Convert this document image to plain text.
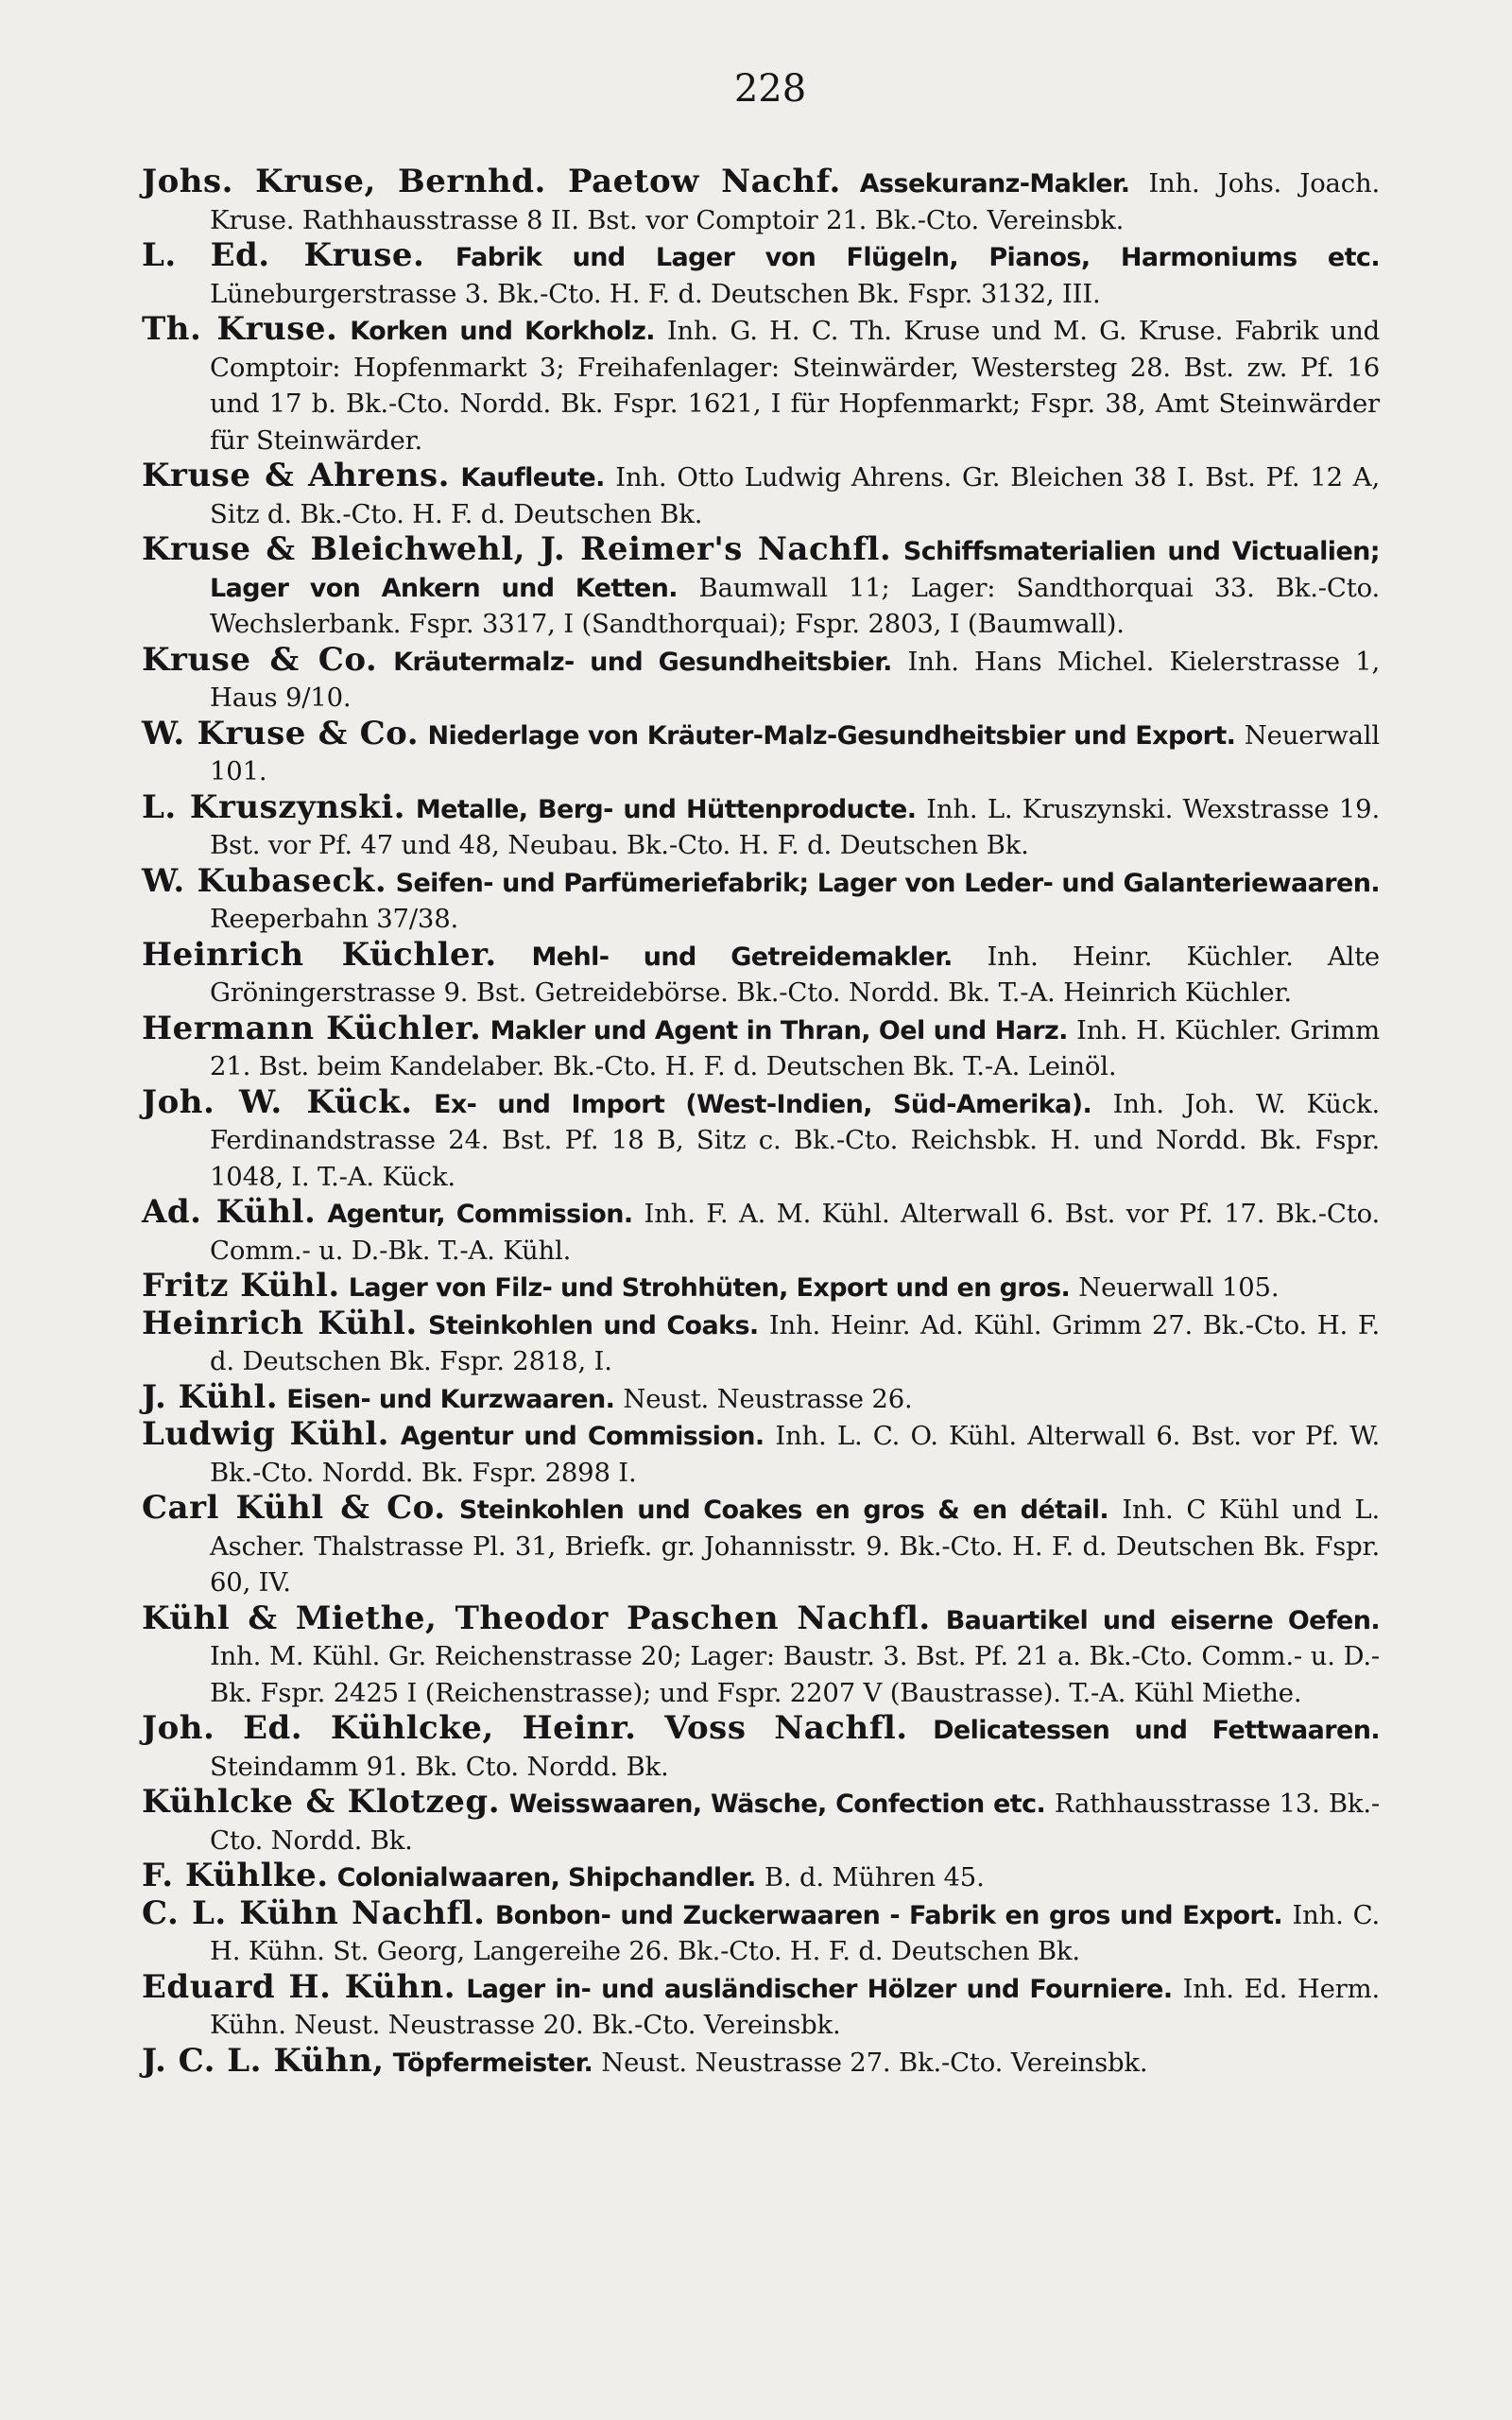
228

Johs. Kruse, Bernhd. Paetow Nachf. Assekuranz-Makler. Inh. Johs. Joach. Kruse. Rathhausstrasse 8 II. Bst. vor Comptoir 21. Bk.-Cto. Vereinsbk.

L. Ed. Kruse. Fabrik und Lager von Flügeln, Pianos, Harmoniums etc. Lüneburgerstrasse 3. Bk.-Cto. H. F. d. Deutschen Bk. Fspr. 3132, III.

Th. Kruse. Korken und Korkholz. Inh. G. H. C. Th. Kruse und M. G. Kruse. Fabrik und Comptoir: Hopfenmarkt 3; Freihafenlager: Steinwärder, Westersteg 28. Bst. zw. Pf. 16 und 17 b. Bk.-Cto. Nordd. Bk. Fspr. 1621, I für Hopfenmarkt; Fspr. 38, Amt Steinwärder für Steinwärder.

Kruse & Ahrens. Kaufleute. Inh. Otto Ludwig Ahrens. Gr. Bleichen 38 I. Bst. Pf. 12 A, Sitz d. Bk.-Cto. H. F. d. Deutschen Bk.

Kruse & Bleichwehl, J. Reimer's Nachfl. Schiffsmaterialien und Victualien; Lager von Ankern und Ketten. Baumwall 11; Lager: Sandthorquai 33. Bk.-Cto. Wechslerbank. Fspr. 3317, I (Sandthorquai); Fspr. 2803, I (Baumwall).

Kruse & Co. Kräutermalz- und Gesundheitsbier. Inh. Hans Michel. Kielerstrasse 1, Haus 9/10.

W. Kruse & Co. Niederlage von Kräuter-Malz-Gesundheitsbier und Export. Neuerwall 101.

L. Kruszynski. Metalle, Berg- und Hüttenproducte. Inh. L. Kruszynski. Wexstrasse 19. Bst. vor Pf. 47 und 48, Neubau. Bk.-Cto. H. F. d. Deutschen Bk.

W. Kubaseck. Seifen- und Parfümeriefabrik; Lager von Leder- und Galanteriewaaren. Reeperbahn 37/38.

Heinrich Küchler. Mehl- und Getreidemakler. Inh. Heinr. Küchler. Alte Gröningerstrasse 9. Bst. Getreidebörse. Bk.-Cto. Nordd. Bk. T.-A. Heinrich Küchler.

Hermann Küchler. Makler und Agent in Thran, Oel und Harz. Inh. H. Küchler. Grimm 21. Bst. beim Kandelaber. Bk.-Cto. H. F. d. Deutschen Bk. T.-A. Leinöl.

Joh. W. Kück. Ex- und Import (West-Indien, Süd-Amerika). Inh. Joh. W. Kück. Ferdinandstrasse 24. Bst. Pf. 18 B, Sitz c. Bk.-Cto. Reichsbk. H. und Nordd. Bk. Fspr. 1048, I. T.-A. Kück.

Ad. Kühl. Agentur, Commission. Inh. F. A. M. Kühl. Alterwall 6. Bst. vor Pf. 17. Bk.-Cto. Comm.- u. D.-Bk. T.-A. Kühl.

Fritz Kühl. Lager von Filz- und Strohhüten, Export und en gros. Neuerwall 105.

Heinrich Kühl. Steinkohlen und Coaks. Inh. Heinr. Ad. Kühl. Grimm 27. Bk.-Cto. H. F. d. Deutschen Bk. Fspr. 2818, I.

J. Kühl. Eisen- und Kurzwaaren. Neust. Neustrasse 26.

Ludwig Kühl. Agentur und Commission. Inh. L. C. O. Kühl. Alterwall 6. Bst. vor Pf. W. Bk.-Cto. Nordd. Bk. Fspr. 2898 I.

Carl Kühl & Co. Steinkohlen und Coakes en gros & en détail. Inh. C Kühl und L. Ascher. Thalstrasse Pl. 31, Briefk. gr. Johannisstr. 9. Bk.-Cto. H. F. d. Deutschen Bk. Fspr. 60, IV.

Kühl & Miethe, Theodor Paschen Nachfl. Bauartikel und eiserne Oefen. Inh. M. Kühl. Gr. Reichenstrasse 20; Lager: Baustr. 3. Bst. Pf. 21 a. Bk.-Cto. Comm.- u. D.-Bk. Fspr. 2425 I (Reichenstrasse); und Fspr. 2207 V (Baustrasse). T.-A. Kühl Miethe.

Joh. Ed. Kühlcke, Heinr. Voss Nachfl. Delicatessen und Fettwaaren. Steindamm 91. Bk. Cto. Nordd. Bk.

Kühlcke & Klotzeg. Weisswaaren, Wäsche, Confection etc. Rathhausstrasse 13. Bk.-Cto. Nordd. Bk.

F. Kühlke. Colonialwaaren, Shipchandler. B. d. Mühren 45.

C. L. Kühn Nachfl. Bonbon- und Zuckerwaaren - Fabrik en gros und Export. Inh. C. H. Kühn. St. Georg, Langereihe 26. Bk.-Cto. H. F. d. Deutschen Bk.

Eduard H. Kühn. Lager in- und ausländischer Hölzer und Fourniere. Inh. Ed. Herm. Kühn. Neust. Neustrasse 20. Bk.-Cto. Vereinsbk.

J. C. L. Kühn, Töpfermeister. Neust. Neustrasse 27. Bk.-Cto. Vereinsbk.
